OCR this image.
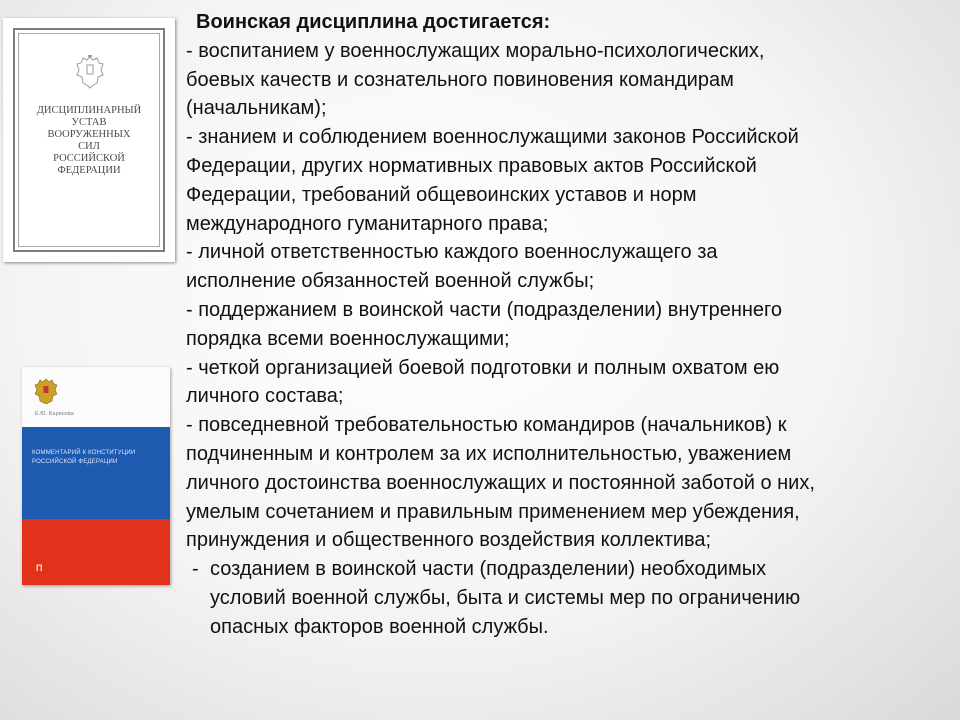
ДИСЦИПЛИНАРНЫЙ
УСТАВ
ВООРУЖЕННЫХ
СИЛ
РОССИЙСКОЙ
ФЕДЕРАЦИИ
Е.Ю. Баринова
КОММЕНТАРИЙ К КОНСТИТУЦИИ
РОССИЙСКОЙ ФЕДЕРАЦИИ
П
Воинская дисциплина достигается:
- воспитанием у военнослужащих морально-психологических,
боевых качеств и сознательного повиновения командирам
(начальникам);
- знанием и соблюдением военнослужащими законов Российской
Федерации, других нормативных правовых актов Российской
Федерации, требований общевоинских уставов и норм
международного гуманитарного права;
- личной ответственностью каждого военнослужащего за
исполнение обязанностей военной службы;
- поддержанием в воинской части (подразделении) внутреннего
порядка всеми военнослужащими;
- четкой организацией боевой подготовки и полным охватом ею
личного состава;
- повседневной требовательностью командиров (начальников) к
подчиненным и контролем за их исполнительностью, уважением
личного достоинства военнослужащих и постоянной заботой о них,
умелым сочетанием и правильным применением мер убеждения,
принуждения и общественного воздействия коллектива;
- созданием в воинской части (подразделении) необходимых
условий военной службы, быта и системы мер по ограничению
опасных факторов военной службы.
